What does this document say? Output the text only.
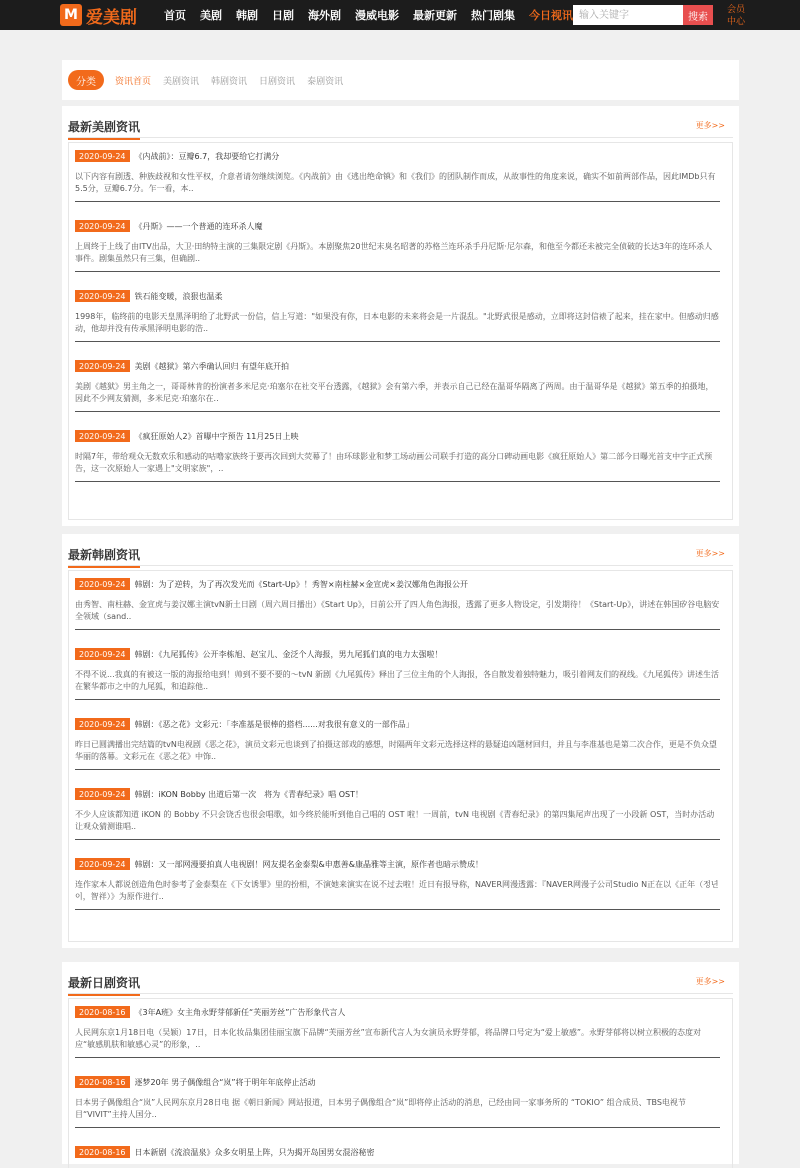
M 爱美剧 首页 美剧 韩剧 日剧 海外剧 漫威电影 最新更新 热门剧集 今日视讯
输入关键字	搜索
会员
中心
分类	资讯首页 美剧资讯 韩剧资讯 日剧资讯 泰剧资讯
最新美剧资讯	更多>>
2020-09-24	《内战前》：豆瓣6.7，我却要给它打满分
以下内容有剧透、种族歧视和女性平权，介意者请勿继续浏览。《内战前》由《逃出绝命镇》和《我们》的团队制作而成，从故事性的角度来说，确实不如前两部作品，因此IMDb只有5.5分，豆瓣6.7分。乍一看，本..
2020-09-24	《丹斯》——一个普通的连环杀人魔
上周终于上线了由ITV出品，大卫·田纳特主演的三集限定剧《丹斯》。本剧聚焦20世纪末臭名昭著的苏格兰连环杀手丹尼斯·尼尔森，和他至今都还未被完全侦破的长达3年的连环杀人事件。剧集虽然只有三集，但确剧..
2020-09-24	铁石能变暖，浪狠也温柔
1998年，临终前的电影天皇黑泽明给了北野武一份信，信上写道："如果没有你，日本电影的未来将会是一片混乱。"北野武很是感动，立即将这封信裱了起来，挂在家中。但感动归感动，他却并没有传承黑泽明电影的浩..
2020-09-24	美剧《越狱》第六季确认回归 有望年底开拍
美剧《越狱》男主角之一，哥哥林肯的扮演者多米尼克·珀塞尔在社交平台透露，《越狱》会有第六季，并表示自己已经在温哥华隔离了两周。由于温哥华是《越狱》第五季的拍摄地，因此不少网友猜测，多米尼克·珀塞尔在..
2020-09-24	《疯狂原始人2》首曝中字预告 11月25日上映
时隔7年，带给观众无数欢乐和感动的咕噜家族终于要再次回到大荧幕了！由环球影业和梦工场动画公司联手打造的高分口碑动画电影《疯狂原始人》第二部今日曝光首支中字正式预告，这一次原始人一家遇上"文明家族"，..
最新韩剧资讯	更多>>
2020-09-24	韩剧：为了逆转，为了再次发光而《Start-Up》！秀智×南柱赫×金宣虎×姜汉娜角色海报公开
由秀智、南柱赫、金宣虎与姜汉娜主演tvN新土日剧（周六周日播出）《Start Up》，日前公开了四人角色海报，透露了更多人物设定，引发期待！《Start-Up》，讲述在韩国矽谷电脑安全领域（sand..
2020-09-24	韩剧：《九尾狐传》公开李栋旭、赵宝儿、金泛个人海报，男九尾狐们真的电力太强啦！
不得不说...我真的有被这一版的海报给电到！帅到不要不要的～tvN 新剧《九尾狐传》释出了三位主角的个人海报，各自散发着独特魅力，吸引着网友们的视线。《九尾狐传》讲述生活在繁华都市之中的九尾狐，和追踪他..
2020-09-24	韩剧：《恶之花》文彩元：「李准基是很棒的搭档......对我很有意义的一部作品」
昨日已圆满播出完结篇的tvN电视剧《恶之花》，演员文彩元也谈到了拍摄这部戏的感想，时隔两年文彩元选择这样的悬疑追凶题材回归，并且与李准基也是第二次合作，更是不负众望华丽的落幕。文彩元在《恶之花》中饰..
2020-09-24	韩剧：iKON Bobby 出道后第一次　将为《青春纪录》唱 OST！
不少人应该都知道 iKON 的 Bobby 不只会饶舌也很会唱歌，如今终於能听到他自己唱的 OST 啦！一周前，tvN 电视剧《青春纪录》的第四集尾声出现了一小段新 OST，当时办活动让观众猜测谁唱..
2020-09-24	韩剧：又一部网漫要拍真人电视剧！网友提名金泰梨&申惠善&康晶雅等主演，原作者也暗示赞成！
连作家本人都说创造角色时参考了金泰梨在《下女诱罪》里的扮相，不演她来演实在说不过去啦！近日有报导称，NAVER网漫透露：『NAVER网漫子公司Studio N正在以《正年（정년이，智祥）》为原作进行..
最新日剧资讯	更多>>
2020-08-16	《3年A班》女主角永野芽郁新任“芙丽芳丝”广告形象代言人
人民网东京1月18日电（吴颖）17日，日本化妆品集团佳丽宝旗下品牌“芙丽芳丝”宣布新代言人为女演员永野芽郁，将品牌口号定为“爱上敏感”。永野芽郁将以树立积极的态度对应“敏感肌肤和敏感心灵”的形象，..
2020-08-16	逐梦20年 男子偶像组合“岚”将于明年年底停止活动
日本男子偶像组合“岚”人民网东京月28日电 据《朝日新闻》网站报道，日本男子偶像组合“岚”即将停止活动的消息，已经由同一家事务所的 “TOKIO” 组合成员、TBS电视节目“VIVIT”主持人国分..
2020-08-16	日本新剧《流浪温泉》众多女明星上阵，只为揭开岛国男女混浴秘密
